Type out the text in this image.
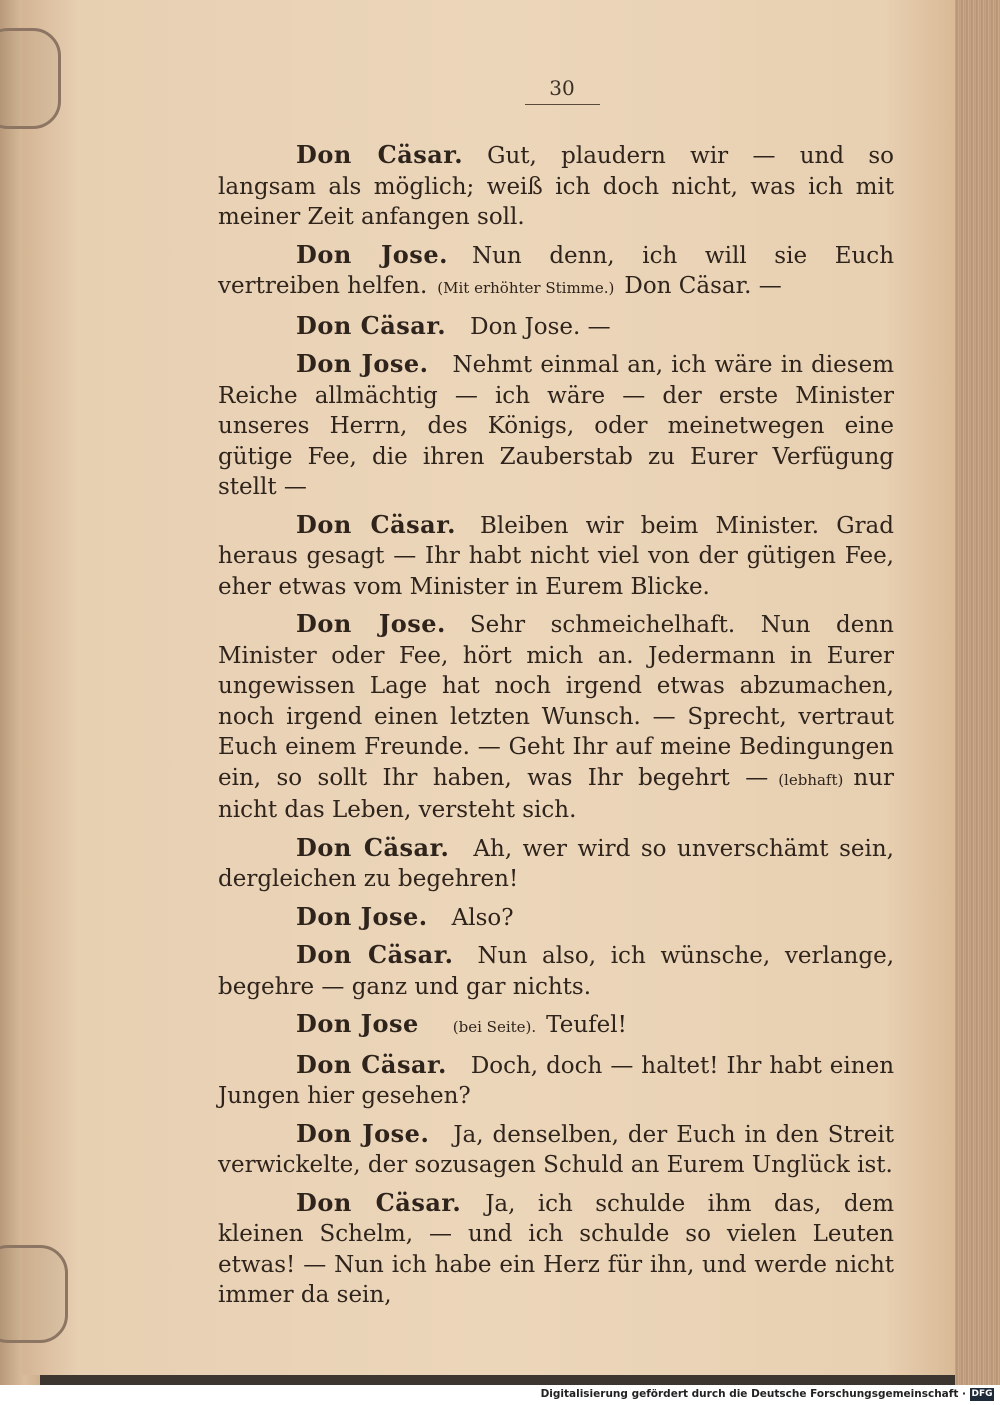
30

Don Cäsar. Gut, plaudern wir — und so langsam als möglich; weiß ich doch nicht, was ich mit meiner Zeit anfangen soll.

Don Jose. Nun denn, ich will sie Euch vertreiben helfen. (Mit erhöhter Stimme.) Don Cäsar. —

Don Cäsar. Don Jose. —

Don Jose. Nehmt einmal an, ich wäre in diesem Reiche allmächtig — ich wäre — der erste Minister unseres Herrn, des Königs, oder meinetwegen eine gütige Fee, die ihren Zauberstab zu Eurer Verfügung stellt —

Don Cäsar. Bleiben wir beim Minister. Grad heraus gesagt — Ihr habt nicht viel von der gütigen Fee, eher etwas vom Minister in Eurem Blicke.

Don Jose. Sehr schmeichelhaft. Nun denn Minister oder Fee, hört mich an. Jedermann in Eurer ungewissen Lage hat noch irgend etwas abzumachen, noch irgend einen letzten Wunsch. — Sprecht, vertraut Euch einem Freunde. — Geht Ihr auf meine Bedingungen ein, so sollt Ihr haben, was Ihr begehrt — (lebhaft) nur nicht das Leben, versteht sich.

Don Cäsar. Ah, wer wird so unverschämt sein, dergleichen zu begehren!

Don Jose. Also?

Don Cäsar. Nun also, ich wünsche, verlange, begehre — ganz und gar nichts.

Don Jose (bei Seite). Teufel!

Don Cäsar. Doch, doch — haltet! Ihr habt einen Jungen hier gesehen?

Don Jose. Ja, denselben, der Euch in den Streit verwickelte, der sozusagen Schuld an Eurem Unglück ist.

Don Cäsar. Ja, ich schulde ihm das, dem kleinen Schelm, — und ich schulde so vielen Leuten etwas! — Nun ich habe ein Herz für ihn, und werde nicht immer da sein,

Digitalisierung gefördert durch die Deutsche Forschungsgemeinschaft · DFG
